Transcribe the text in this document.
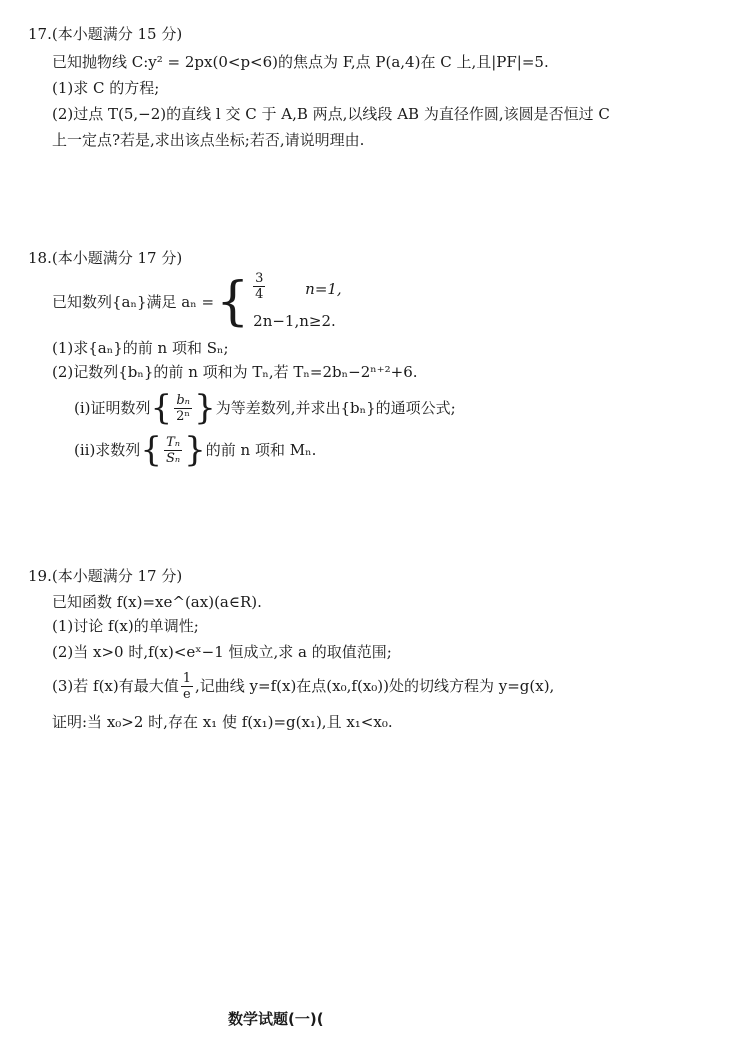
17.(本小题满分 15 分)
已知抛物线 C:y² = 2px(0<p<6)的焦点为 F,点 P(a,4)在 C 上,且|PF|=5.
(1)求 C 的方程;
(2)过点 T(5,−2)的直线 l 交 C 于 A,B 两点,以线段 AB 为直径作圆,该圆是否恒过 C
上一定点?若是,求出该点坐标;若否,请说明理由.
18.(本小题满分 17 分)
已知数列{aₙ}满足 aₙ = { $\frac{3}{4}$	n=1,
2n−1,n≥2.
(1)求{aₙ}的前 n 项和 Sₙ;
(2)记数列{bₙ}的前 n 项和为 Tₙ,若 Tₙ=2bₙ−2ⁿ⁺²+6.
(ⅰ)证明数列 { $\frac{\text{bₙ}}{\text{2ⁿ}}$ } 为等差数列,并求出{bₙ}的通项公式;
(ⅱ)求数列 { $\frac{\text{Tₙ}}{\text{Sₙ}}$ } 的前 n 项和 Mₙ.
19.(本小题满分 17 分)
已知函数 f(x)=xe^(ax)(a∈R).
(1)讨论 f(x)的单调性;
(2)当 x>0 时,f(x)<eˣ−1 恒成立,求 a 的取值范围;
(3)若 f(x)有最大值 $\frac{1}{e}$ ,记曲线 y=f(x)在点(x₀,f(x₀))处的切线方程为 y=g(x),
证明:当 x₀>2 时,存在 x₁ 使 f(x₁)=g(x₁),且 x₁<x₀.
数学试题(一)(
